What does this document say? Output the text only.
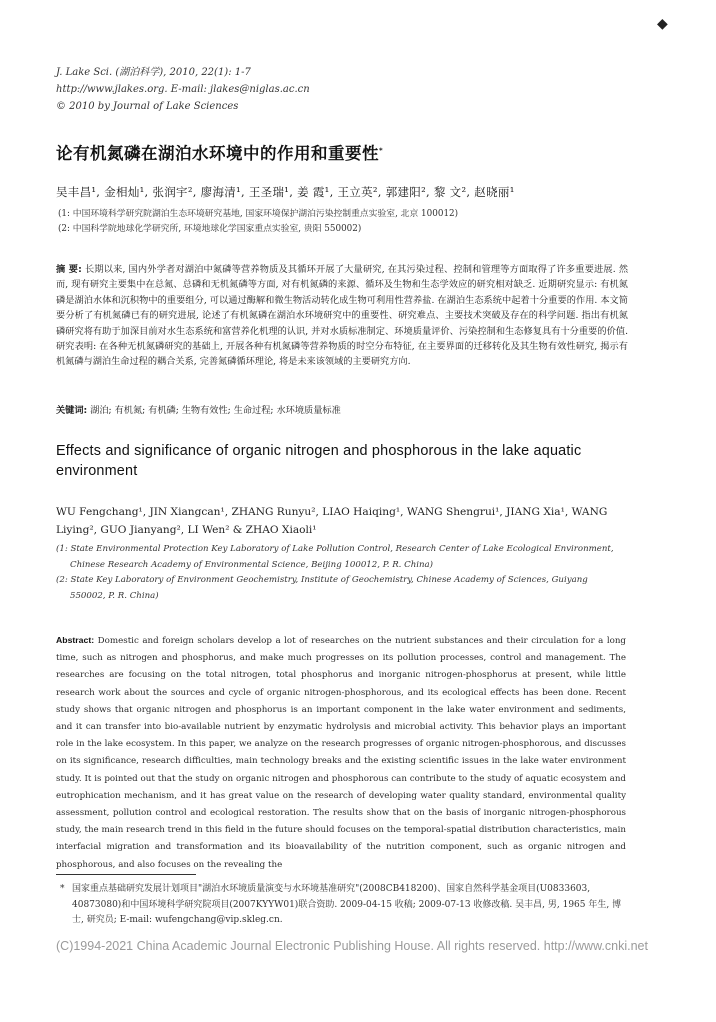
◆
J. Lake Sci. (湖泊科学), 2010, 22(1): 1-7
http://www.jlakes.org. E-mail: jlakes@niglas.ac.cn
© 2010 by Journal of Lake Sciences
论有机氮磷在湖泊水环境中的作用和重要性*
吴丰昌¹, 金相灿¹, 张润宇², 廖海清¹, 王圣瑞¹, 姜 霞¹, 王立英², 郭建阳², 黎 文², 赵晓丽¹
(1: 中国环境科学研究院湖泊生态环境研究基地, 国家环境保护湖泊污染控制重点实验室, 北京 100012)
(2: 中国科学院地球化学研究所, 环境地球化学国家重点实验室, 贵阳 550002)
摘 要: 长期以来, 国内外学者对湖泊中氮磷等营养物质及其循环开展了大量研究, 在其污染过程、控制和管理等方面取得了许多重要进展. 然而, 现有研究主要集中在总氮、总磷和无机氮磷等方面, 对有机氮磷的来源、循环及生物和生态学效应的研究相对缺乏. 近期研究显示: 有机氮磷是湖泊水体和沉积物中的重要组分, 可以通过酶解和微生物活动转化成生物可利用性营养盐. 在湖泊生态系统中起着十分重要的作用. 本文简要分析了有机氮磷已有的研究进展, 论述了有机氮磷在湖泊水环境研究中的重要性、研究难点、主要技术突破及存在的科学问题. 指出有机氮磷研究将有助于加深目前对水生态系统和富营养化机理的认识, 并对水质标准制定、环境质量评价、污染控制和生态修复具有十分重要的价值. 研究表明: 在各种无机氮磷研究的基础上, 开展各种有机氮磷等营养物质的时空分布特征, 在主要界面的迁移转化及其生物有效性研究, 揭示有机氮磷与湖泊生命过程的耦合关系, 完善氮磷循环理论, 将是未来该领域的主要研究方向.
关键词: 湖泊; 有机氮; 有机磷; 生物有效性; 生命过程; 水环境质量标准
Effects and significance of organic nitrogen and phosphorous in the lake aquatic environment
WU Fengchang¹, JIN Xiangcan¹, ZHANG Runyu², LIAO Haiqing¹, WANG Shengrui¹, JIANG Xia¹, WANG Liying², GUO Jianyang², LI Wen² & ZHAO Xiaoli¹

(1: State Environmental Protection Key Laboratory of Lake Pollution Control, Research Center of Lake Ecological Environment,
Chinese Research Academy of Environmental Science, Beijing 100012, P. R. China)

(2: State Key Laboratory of Environment Geochemistry, Institute of Geochemistry, Chinese Academy of Sciences, Guiyang
550002, P. R. China)

Abstract: Domestic and foreign scholars develop a lot of researches on the nutrient substances and their circulation for a long time, such as nitrogen and phosphorus, and make much progresses on its pollution processes, control and management. The researches are focusing on the total nitrogen, total phosphorus and inorganic nitrogen-phosphorus at present, while little research work about the sources and cycle of organic nitrogen-phosphorous, and its ecological effects has been done. Recent study shows that organic nitrogen and phosphorus is an important component in the lake water environment and sediments, and it can transfer into bio-available nutrient by enzymatic hydrolysis and microbial activity. This behavior plays an important role in the lake ecosystem. In this paper, we analyze on the research progresses of organic nitrogen-phosphorous, and discusses on its significance, research difficulties, main technology breaks and the existing scientific issues in the lake water environment study. It is pointed out that the study on organic nitrogen and phosphorous can contribute to the study of aquatic ecosystem and eutrophication mechanism, and it has great value on the research of developing water quality standard, environmental quality assessment, pollution control and ecological restoration. The results show that on the basis of inorganic nitrogen-phosphorous study, the main research trend in this field in the future should focuses on the temporal-spatial distribution characteristics, main interfacial migration and transformation and its bioavailability of the nutrition component, such as organic nitrogen and phosphorous, and also focuses on the revealing the
* 国家重点基础研究发展计划项目"湖泊水环境质量演变与水环境基准研究"(2008CB418200)、国家自然科学基金项目(U0833603, 40873080)和中国环境科学研究院项目(2007KYYW01)联合资助. 2009-04-15 收稿; 2009-07-13 收修改稿. 吴丰昌, 男, 1965 年生, 博士, 研究员; E-mail: wufengchang@vip.skleg.cn.
(C)1994-2021 China Academic Journal Electronic Publishing House. All rights reserved. http://www.cnki.net
